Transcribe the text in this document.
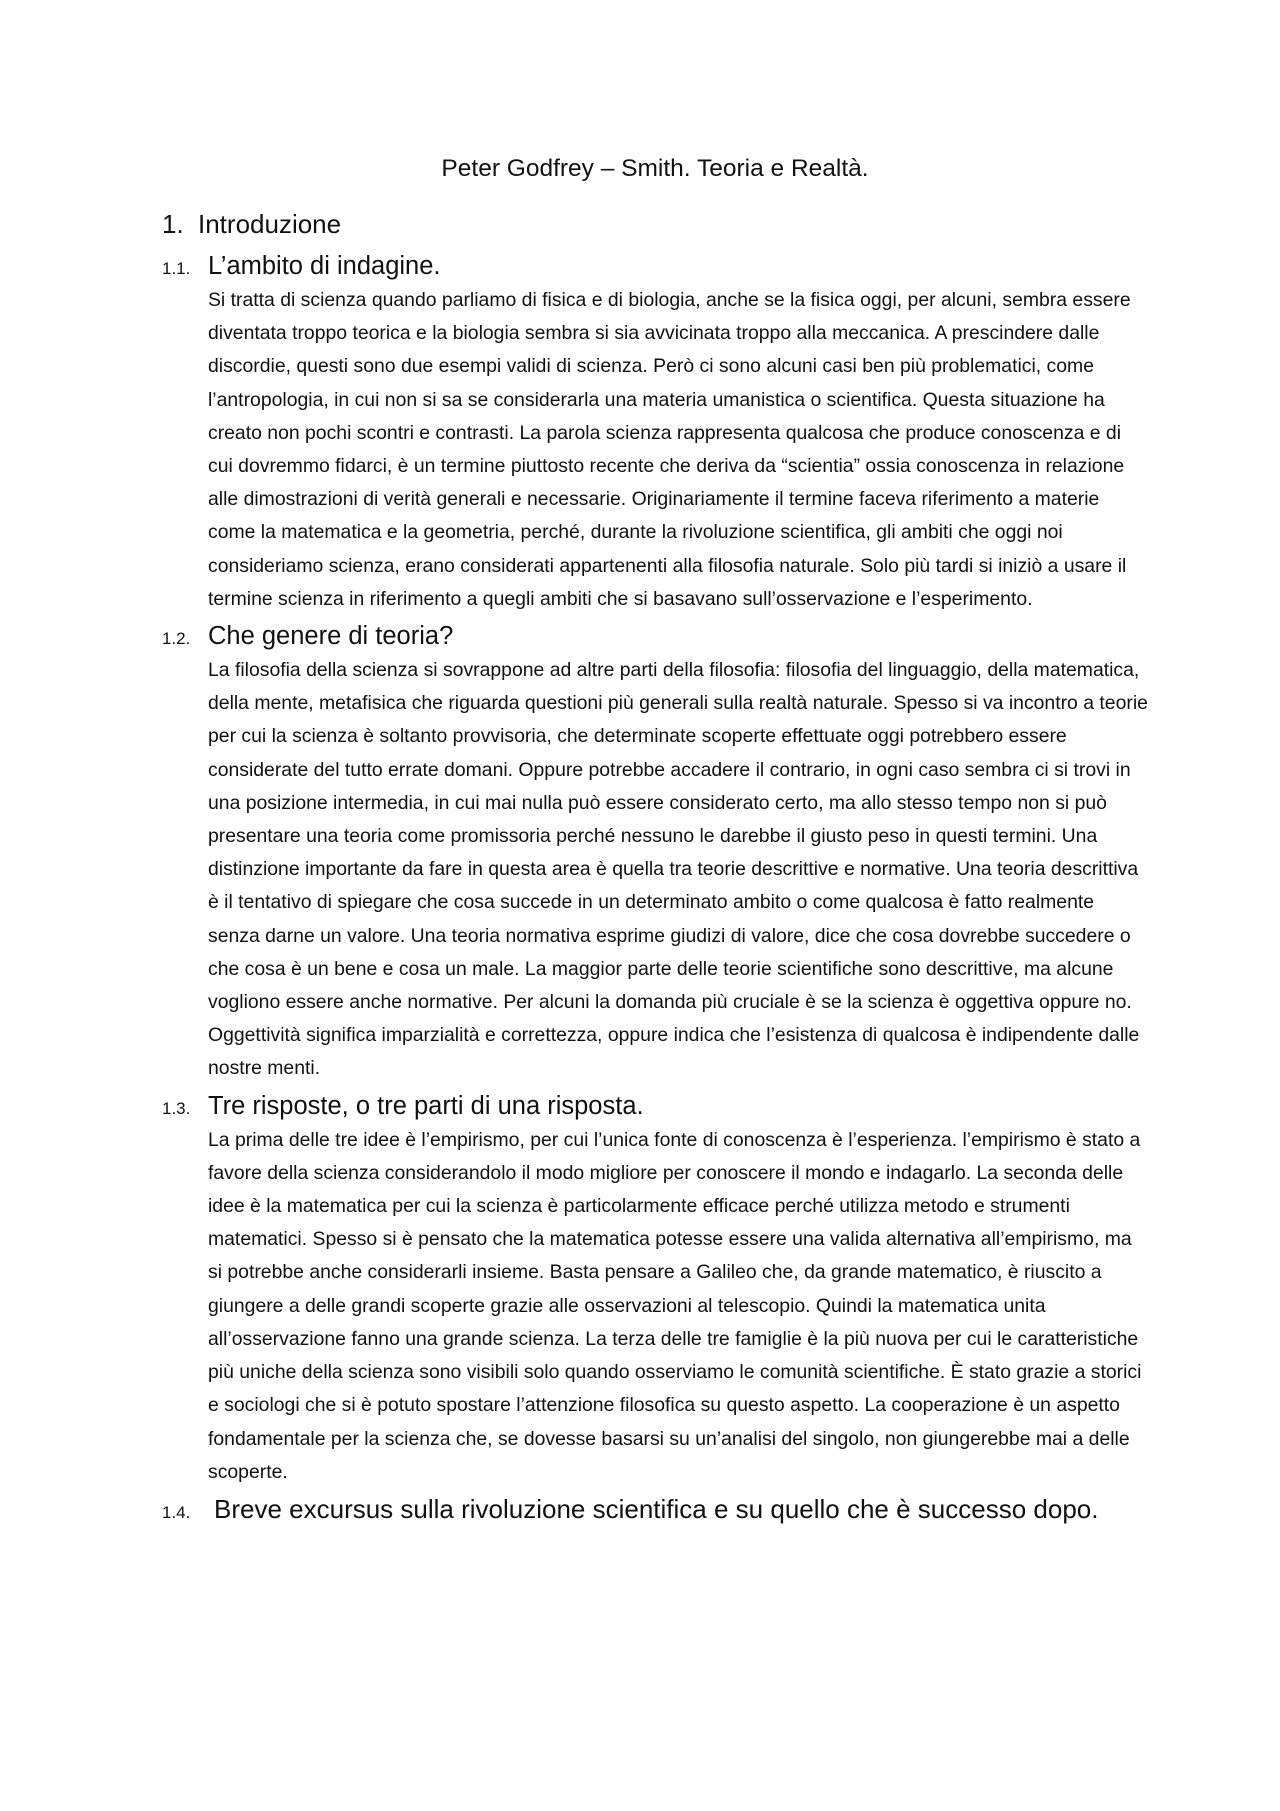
Peter Godfrey – Smith. Teoria e Realtà.
1. Introduzione
1.1. L’ambito di indagine.

Si tratta di scienza quando parliamo di fisica e di biologia, anche se la fisica oggi, per alcuni, sembra essere diventata troppo teorica e la biologia sembra si sia avvicinata troppo alla meccanica. A prescindere dalle discordie, questi sono due esempi validi di scienza. Però ci sono alcuni casi ben più problematici, come l’antropologia, in cui non si sa se considerarla una materia umanistica o scientifica. Questa situazione ha creato non pochi scontri e contrasti. La parola scienza rappresenta qualcosa che produce conoscenza e di cui dovremmo fidarci, è un termine piuttosto recente che deriva da “scientia” ossia conoscenza in relazione alle dimostrazioni di verità generali e necessarie. Originariamente il termine faceva riferimento a materie come la matematica e la geometria, perché, durante la rivoluzione scientifica, gli ambiti che oggi noi consideriamo scienza, erano considerati appartenenti alla filosofia naturale. Solo più tardi si iniziò a usare il termine scienza in riferimento a quegli ambiti che si basavano sull’osservazione e l’esperimento.

1.2. Che genere di teoria?

La filosofia della scienza si sovrappone ad altre parti della filosofia: filosofia del linguaggio, della matematica, della mente, metafisica che riguarda questioni più generali sulla realtà naturale. Spesso si va incontro a teorie per cui la scienza è soltanto provvisoria, che determinate scoperte effettuate oggi potrebbero essere considerate del tutto errate domani. Oppure potrebbe accadere il contrario, in ogni caso sembra ci si trovi in una posizione intermedia, in cui mai nulla può essere considerato certo, ma allo stesso tempo non si può presentare una teoria come promissoria perché nessuno le darebbe il giusto peso in questi termini. Una distinzione importante da fare in questa area è quella tra teorie descrittive e normative. Una teoria descrittiva è il tentativo di spiegare che cosa succede in un determinato ambito o come qualcosa è fatto realmente senza darne un valore. Una teoria normativa esprime giudizi di valore, dice che cosa dovrebbe succedere o che cosa è un bene e cosa un male. La maggior parte delle teorie scientifiche sono descrittive, ma alcune vogliono essere anche normative. Per alcuni la domanda più cruciale è se la scienza è oggettiva oppure no. Oggettività significa imparzialità e correttezza, oppure indica che l’esistenza di qualcosa è indipendente dalle nostre menti.

1.3. Tre risposte, o tre parti di una risposta.

La prima delle tre idee è l’empirismo, per cui l’unica fonte di conoscenza è l’esperienza. l’empirismo è stato a favore della scienza considerandolo il modo migliore per conoscere il mondo e indagarlo. La seconda delle idee è la matematica per cui la scienza è particolarmente efficace perché utilizza metodo e strumenti matematici. Spesso si è pensato che la matematica potesse essere una valida alternativa all’empirismo, ma si potrebbe anche considerarli insieme. Basta pensare a Galileo che, da grande matematico, è riuscito a giungere a delle grandi scoperte grazie alle osservazioni al telescopio. Quindi la matematica unita all’osservazione fanno una grande scienza. La terza delle tre famiglie è la più nuova per cui le caratteristiche più uniche della scienza sono visibili solo quando osserviamo le comunità scientifiche. È stato grazie a storici e sociologi che si è potuto spostare l’attenzione filosofica su questo aspetto. La cooperazione è un aspetto fondamentale per la scienza che, se dovesse basarsi su un’analisi del singolo, non giungerebbe mai a delle scoperte.

1.4. Breve excursus sulla rivoluzione scientifica e su quello che è successo dopo.
